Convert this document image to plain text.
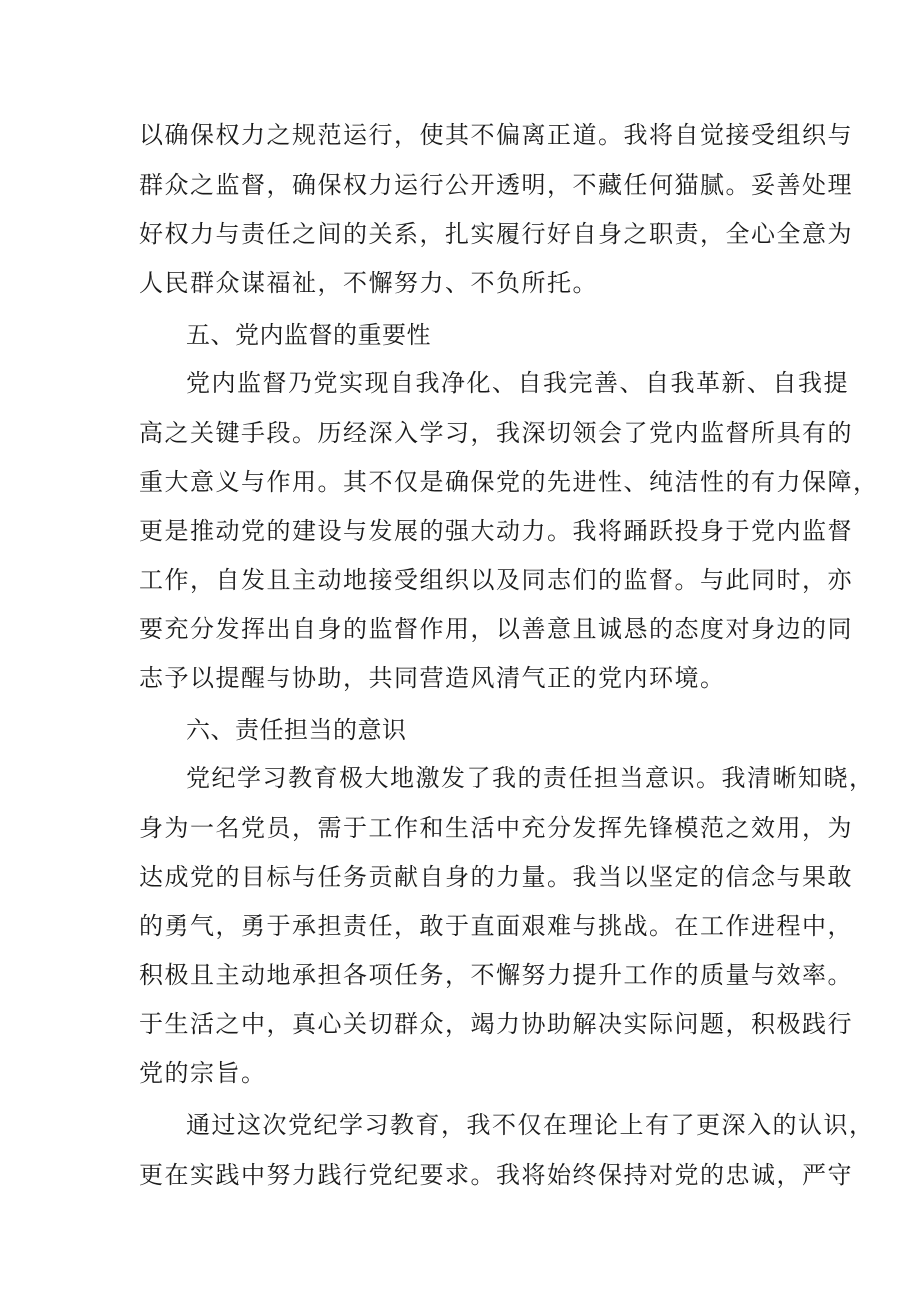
以确保权力之规范运行，使其不偏离正道。我将自觉接受组织与
群众之监督，确保权力运行公开透明，不藏任何猫腻。妥善处理
好权力与责任之间的关系，扎实履行好自身之职责，全心全意为
人民群众谋福祉，不懈努力、不负所托。
五、党内监督的重要性
党内监督乃党实现自我净化、自我完善、自我革新、自我提
高之关键手段。历经深入学习，我深切领会了党内监督所具有的
重大意义与作用。其不仅是确保党的先进性、纯洁性的有力保障，
更是推动党的建设与发展的强大动力。我将踊跃投身于党内监督
工作，自发且主动地接受组织以及同志们的监督。与此同时，亦
要充分发挥出自身的监督作用，以善意且诚恳的态度对身边的同
志予以提醒与协助，共同营造风清气正的党内环境。
六、责任担当的意识
党纪学习教育极大地激发了我的责任担当意识。我清晰知晓，
身为一名党员，需于工作和生活中充分发挥先锋模范之效用，为
达成党的目标与任务贡献自身的力量。我当以坚定的信念与果敢
的勇气，勇于承担责任，敢于直面艰难与挑战。在工作进程中，
积极且主动地承担各项任务，不懈努力提升工作的质量与效率。
于生活之中，真心关切群众，竭力协助解决实际问题，积极践行
党的宗旨。
通过这次党纪学习教育，我不仅在理论上有了更深入的认识，
更在实践中努力践行党纪要求。我将始终保持对党的忠诚，严守
